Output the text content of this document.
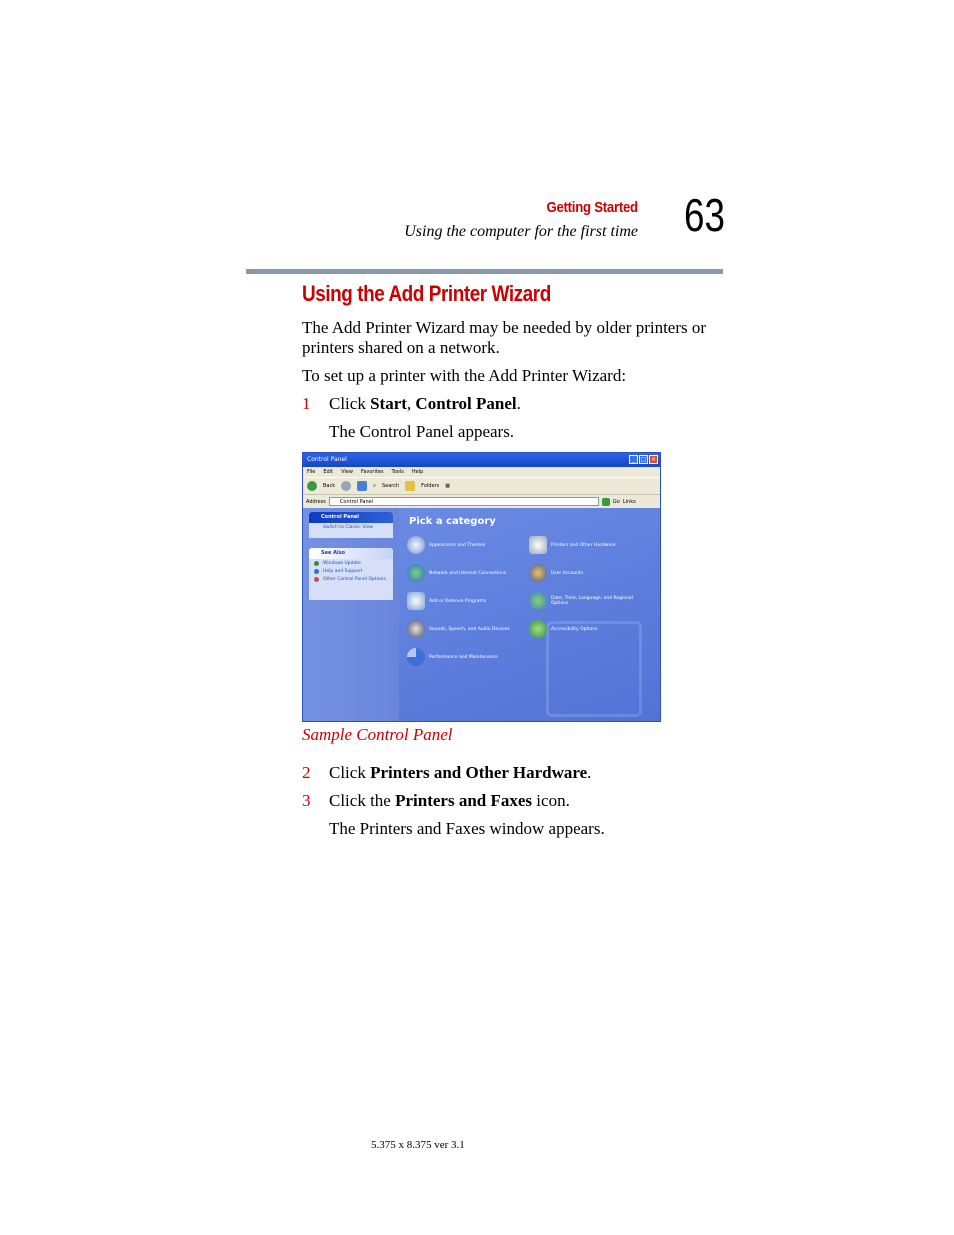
Getting Started
Using the computer for the first time 63
Using the Add Printer Wizard
The Add Printer Wizard may be needed by older printers or printers shared on a network.
To set up a printer with the Add Printer Wizard:
1 Click Start, Control Panel.
The Control Panel appears.
Control Panel	_ □ ×
File Edit View Favorites Tools Help
Back	⌕ Search	Folders ▦
Address	Control Panel	Go Links
Control Panel
Switch to Classic View
See Also
Windows Update
Help and Support
Other Control Panel Options
Pick a category
Appearance and Themes	Printers and Other Hardware
Network and Internet Connections	User Accounts
Add or Remove Programs	Date, Time, Language, and Regional Options
Sounds, Speech, and Audio Devices	Accessibility Options
Performance and Maintenance
Sample Control Panel
2 Click Printers and Other Hardware.
3 Click the Printers and Faxes icon.
The Printers and Faxes window appears.
5.375 x 8.375 ver 3.1
